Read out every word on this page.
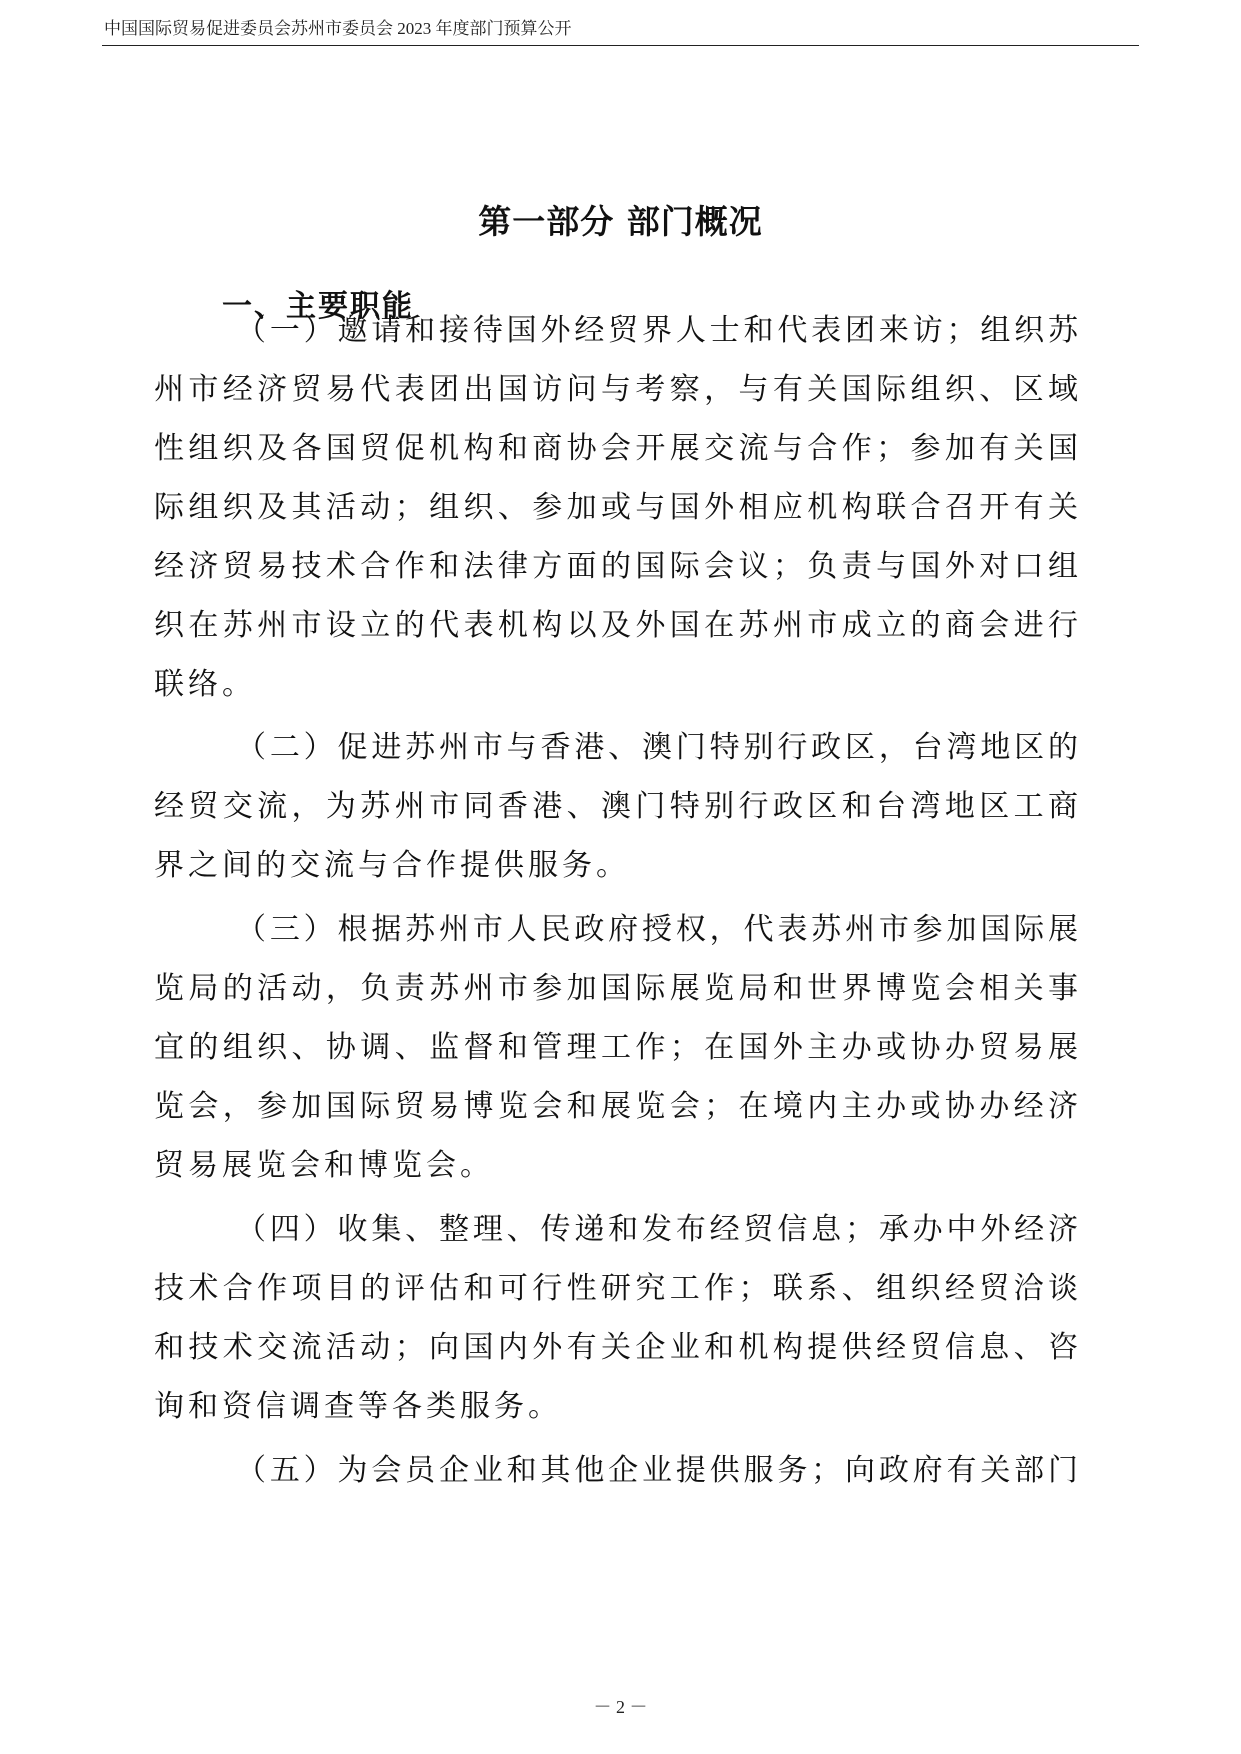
中国国际贸易促进委员会苏州市委员会 2023 年度部门预算公开
第一部分 部门概况
一、主要职能
（一）邀请和接待国外经贸界人士和代表团来访；组织苏
州市经济贸易代表团出国访问与考察，与有关国际组织、区域
性组织及各国贸促机构和商协会开展交流与合作；参加有关国
际组织及其活动；组织、参加或与国外相应机构联合召开有关
经济贸易技术合作和法律方面的国际会议；负责与国外对口组
织在苏州市设立的代表机构以及外国在苏州市成立的商会进行
联络。
（二）促进苏州市与香港、澳门特别行政区，台湾地区的
经贸交流，为苏州市同香港、澳门特别行政区和台湾地区工商
界之间的交流与合作提供服务。
（三）根据苏州市人民政府授权，代表苏州市参加国际展
览局的活动，负责苏州市参加国际展览局和世界博览会相关事
宜的组织、协调、监督和管理工作；在国外主办或协办贸易展
览会，参加国际贸易博览会和展览会；在境内主办或协办经济
贸易展览会和博览会。
（四）收集、整理、传递和发布经贸信息；承办中外经济
技术合作项目的评估和可行性研究工作；联系、组织经贸洽谈
和技术交流活动；向国内外有关企业和机构提供经贸信息、咨
询和资信调查等各类服务。
（五）为会员企业和其他企业提供服务；向政府有关部门
－ 2 －
